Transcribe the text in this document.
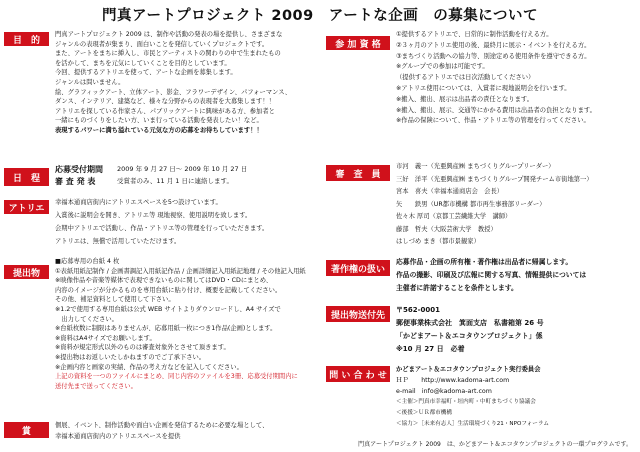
門真アートプロジェクト 2009　アートな企画　の募集について
目　的
門真アートプロジェクト 2009 は、制作や活動の発表の場を提供し、さまざまな
ジャンルの表現者が集まり、面白いことを発信していくプロジェクトです。
また、アートをまちに挿入し、市民とアーティストの関わりの中で生まれたもの
を活かして、まちを元気にしていくことを目的としています。
今回、提供するアトリエを使って、アートな企画を募集します。
ジャンルは問いません。
絵、グラフィックアート、立体アート、影金、フラワーデザイン、パフォーマンス、
ダンス、インテリア、建築など、様々な分野からの表現者を大募集します！！
アトリエを探している作家さん、パブリックアートに興味がある方、参加者と
一緒にものづくりをしたい方、いま行っている活動を発表したい！など。
表現するパワーに満ち溢れている元気な方の応募をお待ちしています！！
日　程
応募受付期間	2009 年 9 月 27 日～ 2009 年 10 月 27 日
審 査 発 表	受賞者のみ、11 月 1 日に連絡します。
アトリエ
幸福本通商店街内にアトリエスペースを5つ設けています。
入賞後に説明会を開き、アトリエ等 現地視察、使用説明を致します。
会期中アトリエで活動し、作品・アトリエ等の管理を行っていただきます。
アトリエは、無償で活用していただけます。
提出物
■応募専用の台紙 4 枚
①表紙用紙記制作 / 企画書調記入用紙記作品 / 企画詳細記入用紙記地理 / その他記入用紙
※映像作品や音楽等媒体で表現できないものに関してはDVD・CDにまとめ、
内容のイメージが分かるものを専用台紙に貼り付け、概要を記載してください。
その他、補足資料として使用して下さい。
※1.2で使用する専用台紙は公式 WEB サイトよりダウンロードし、A4 サイズで
　出力してください。
※台紙枚数に制限はありませんが、応募用紙一枚につき1作品(企画)とします。
※資料はA4サイズでお願いします。
※資料が規定形式以外のものは審査対象外とさせて頂きます。
※提出物はお返しいたしかねますのでご了承下さい。
※企画内容と画家の実績、作品の考え方などを記入してください。
上記の資料を一つのファイルにまとめ、同じ内容のファイルを3冊、応募受付期間内に
送付先まで送ってください。
賞
個展、イベント、制作活動や面白い企画を発信するために必要な場として、
幸福本通商店街内のアトリエスペースを提供
参 加 資 格
①提供するアトリエで、日常的に制作活動を行える方。
②３ヶ月のアトリエ使用の後、最終月に展示・イベントを行える方。
③まちづくり活動への協力等、別途定める使用条件を遵守できる方。
※グループでの参加は可能です。
（提供するアトリエでは日次活動してください）
※アトリエ使用については、入賞者に現地説明会を行います。
※搬入、搬出、展示は出品者の責任となります。
※搬入、搬出、展示、交通等にかかる費用は出品者の負担となります。
※作品の保険について、作品・アトリエ等の管理を行ってください。
審　査　員
市河　義一（光亜興産㈱ まちづくりグループリーダー）
三好　洋平（光亜興産㈱ まちづくりグループ開発チーム市街地第一）
宮本　喜夫（幸福本通商店会　会長）
矢　　鉄男（UR都市機構 都市再生事務部リーダー）
佐々木 厚司（京都工芸繊維大学　講師）
藤部　哲夫（大阪芸術大学　教授）
はしづめ まき（都市景観家）
著作権の扱い
応募作品・企画の所有権・著作権は出品者に帰属します。
作品の撮影、印刷及び広報に関する写真、情報提供については
主催者に許諾することを条件とします。
提出物送付先
〒562-0001
郵便事業株式会社　箕面支店　私書箱第 26 号
「かどまアート＆エコタウンプロジェクト」係
※10 月 27 日　必着
問 い 合 わ せ
かどまアート＆エコタウンプロジェクト実行委員会
ＨＰ　　http://www.kadoma-art.com
e-mail　info@kadoma-art.com
＜主催＞門真市幸福町・垣内町・中町まちづくり協議会
＜後援＞ＵＲ都市機構
＜協力＞［未来有志人］生活環境づくり21・NPOフォーラム
門真アートプロジェクト 2009　は、かどまアート＆エコタウンプロジェクトの一環プログラムです。
